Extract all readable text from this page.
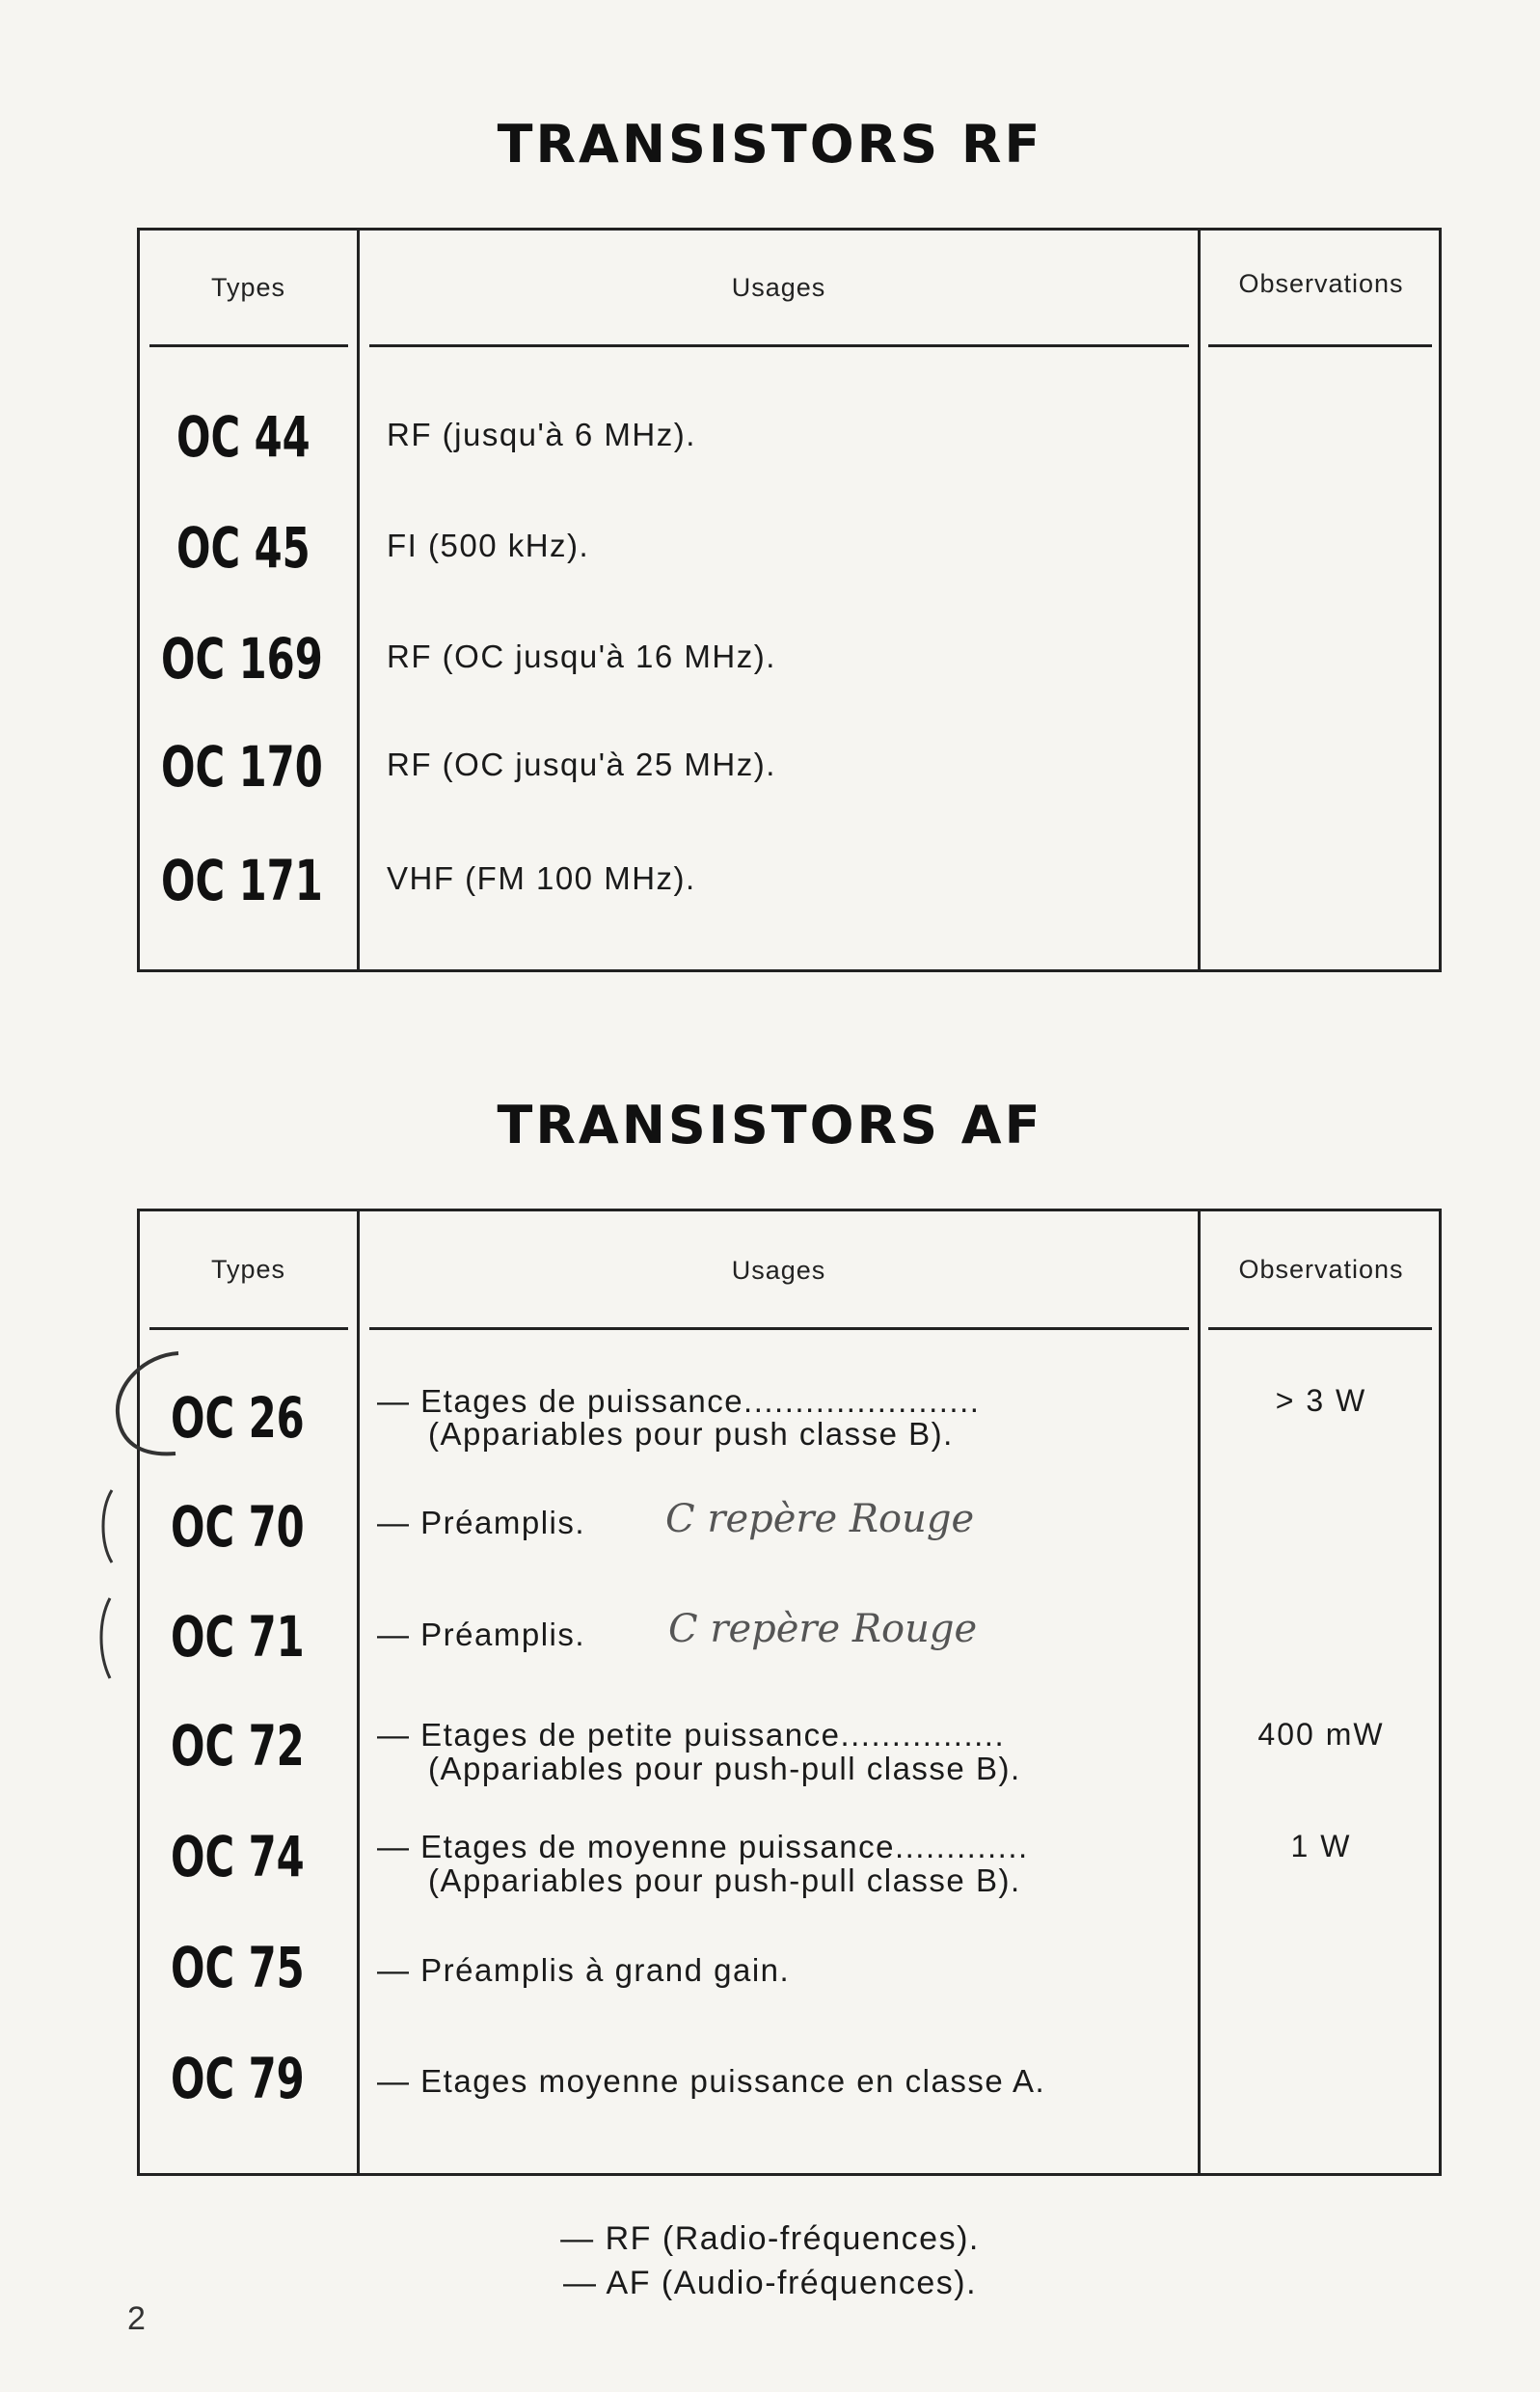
TRANSISTORS RF
Types	Usages	Observations
OC 44 RF (jusqu'à 6 MHz).
OC 45 FI (500 kHz).
OC 169 RF (OC jusqu'à 16 MHz).
OC 170 RF (OC jusqu'à 25 MHz).
OC 171 VHF (FM 100 MHz).
TRANSISTORS AF
Types	Usages	Observations
OC 26 — Etages de puissance.......................
(Appariables pour push classe B).
> 3 W
OC 70 — Préamplis. C repère Rouge
OC 71 — Préamplis. C repère Rouge
OC 72 — Etages de petite puissance................
(Appariables pour push-pull classe B).
400 mW
OC 74 — Etages de moyenne puissance.............
(Appariables pour push-pull classe B).
1 W
OC 75 — Préamplis à grand gain.
OC 79 — Etages moyenne puissance en classe A.
— RF (Radio-fréquences).
— AF (Audio-fréquences).
2
